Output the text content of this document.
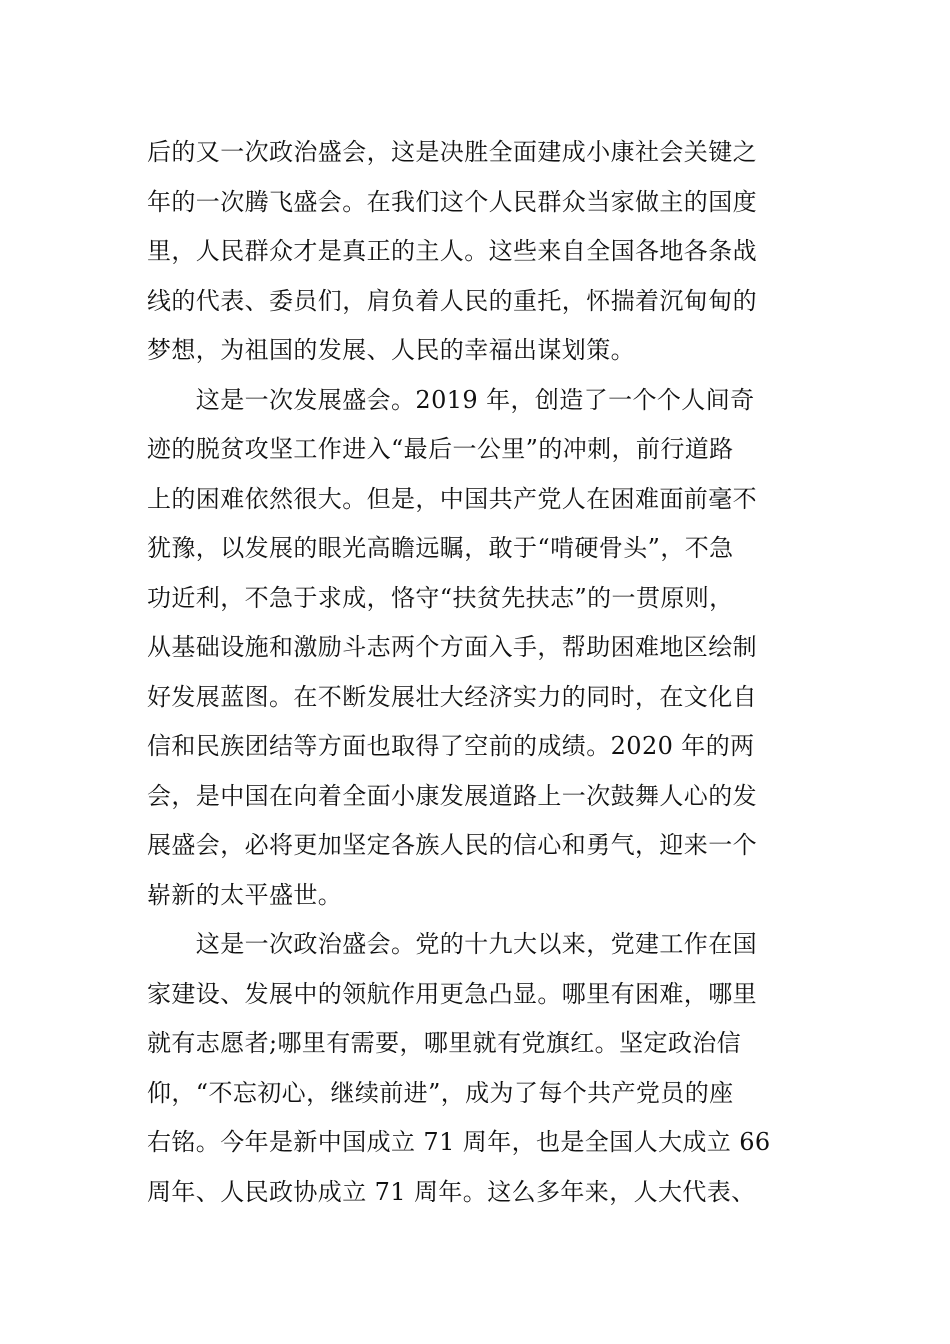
后的又一次政治盛会，这是决胜全面建成小康社会关键之
年的一次腾飞盛会。在我们这个人民群众当家做主的国度
里，人民群众才是真正的主人。这些来自全国各地各条战
线的代表、委员们，肩负着人民的重托，怀揣着沉甸甸的
梦想，为祖国的发展、人民的幸福出谋划策。
　　这是一次发展盛会。2019 年，创造了一个个人间奇
迹的脱贫攻坚工作进入“最后一公里”的冲刺，前行道路
上的困难依然很大。但是，中国共产党人在困难面前毫不
犹豫，以发展的眼光高瞻远瞩，敢于“啃硬骨头”，不急
功近利，不急于求成，恪守“扶贫先扶志”的一贯原则，
从基础设施和激励斗志两个方面入手，帮助困难地区绘制
好发展蓝图。在不断发展壮大经济实力的同时，在文化自
信和民族团结等方面也取得了空前的成绩。2020 年的两
会，是中国在向着全面小康发展道路上一次鼓舞人心的发
展盛会，必将更加坚定各族人民的信心和勇气，迎来一个
崭新的太平盛世。
　　这是一次政治盛会。党的十九大以来，党建工作在国
家建设、发展中的领航作用更急凸显。哪里有困难，哪里
就有志愿者;哪里有需要，哪里就有党旗红。坚定政治信
仰，“不忘初心，继续前进”，成为了每个共产党员的座
右铭。今年是新中国成立 71 周年，也是全国人大成立 66
周年、人民政协成立 71 周年。这么多年来，人大代表、
